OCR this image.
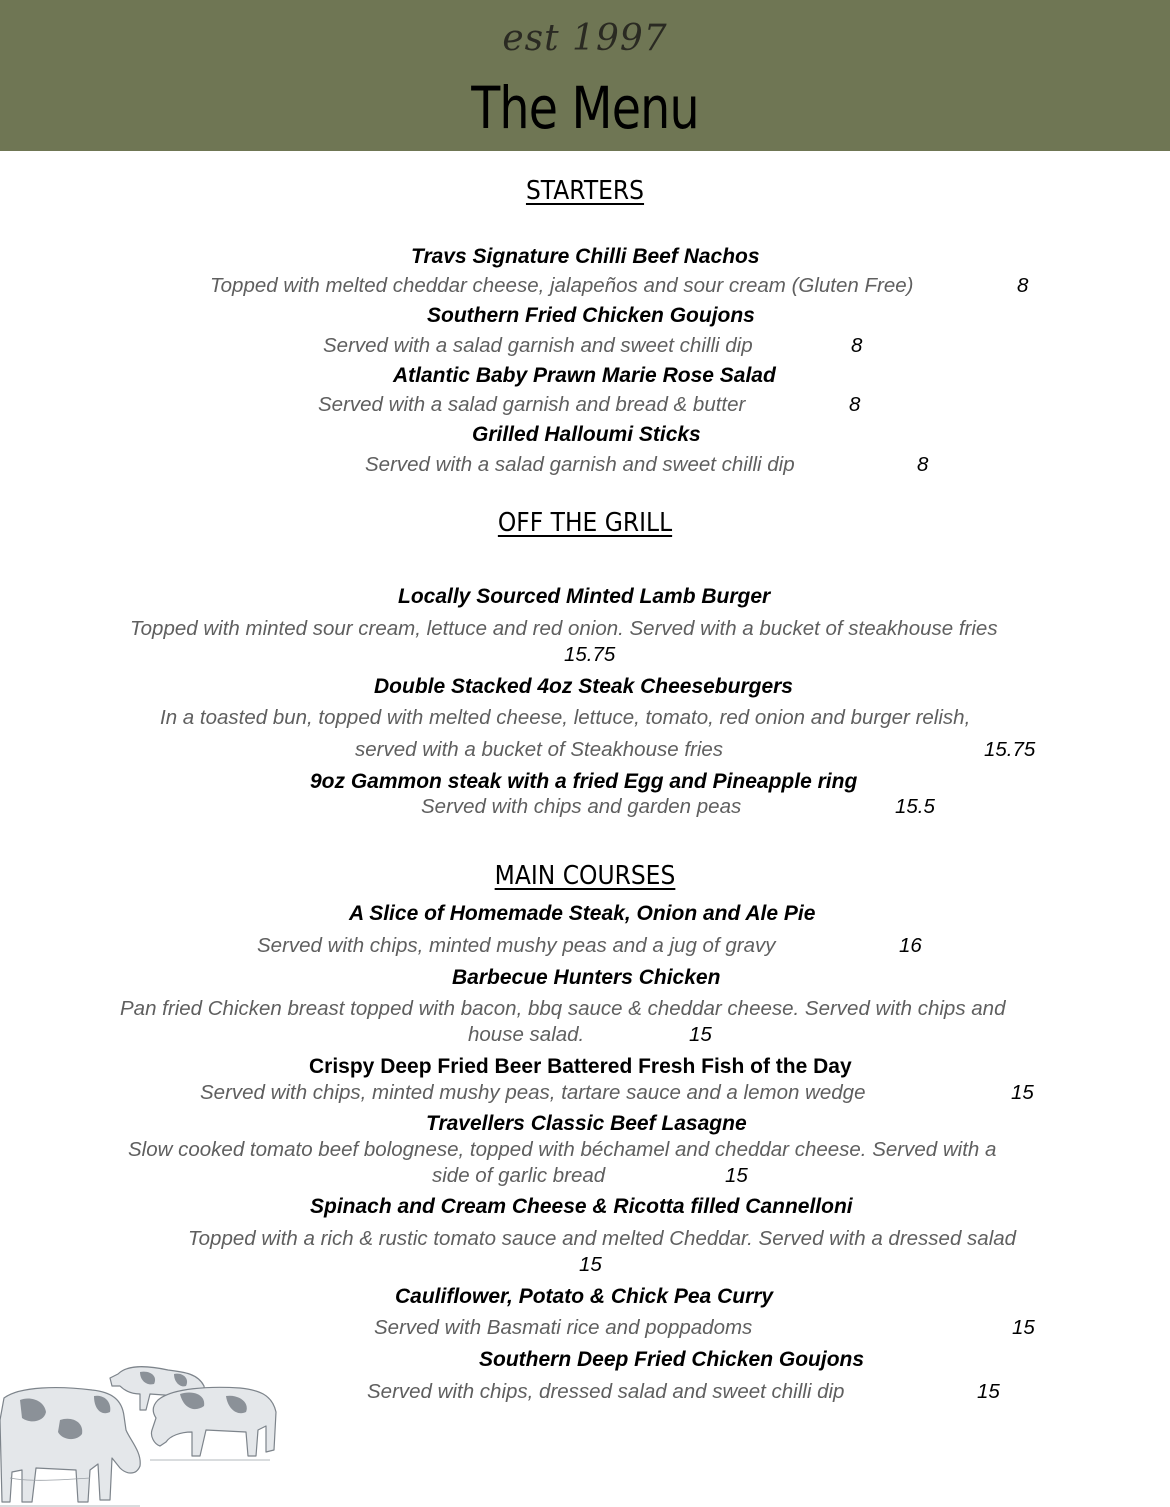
est 1997
The Menu
STARTERS
Travs Signature Chilli Beef Nachos
Topped with melted cheddar cheese, jalapeños and sour cream (Gluten Free)	8
Southern Fried Chicken Goujons
Served with a salad garnish and sweet chilli dip	8
Atlantic Baby Prawn Marie Rose Salad
Served with a salad garnish and bread & butter	8
Grilled Halloumi Sticks
Served with a salad garnish and sweet chilli dip	8
OFF THE GRILL
Locally Sourced Minted Lamb Burger
Topped with minted sour cream, lettuce and red onion. Served with a bucket of steakhouse fries
15.75
Double Stacked 4oz Steak Cheeseburgers
In a toasted bun, topped with melted cheese, lettuce, tomato, red onion and burger relish,
served with a bucket of Steakhouse fries	15.75
9oz Gammon steak with a fried Egg and Pineapple ring
Served with chips and garden peas	15.5
MAIN COURSES
A Slice of Homemade Steak, Onion and Ale Pie
Served with chips, minted mushy peas and a jug of gravy	16
Barbecue Hunters Chicken
Pan fried Chicken breast topped with bacon, bbq sauce & cheddar cheese. Served with chips and
house salad.	15
Crispy Deep Fried Beer Battered Fresh Fish of the Day
Served with chips, minted mushy peas, tartare sauce and a lemon wedge	15
Travellers Classic Beef Lasagne
Slow cooked tomato beef bolognese, topped with béchamel and cheddar cheese. Served with a
side of garlic bread	15
Spinach and Cream Cheese & Ricotta filled Cannelloni
Topped with a rich & rustic tomato sauce and melted Cheddar. Served with a dressed salad
15
Cauliflower, Potato & Chick Pea Curry
Served with Basmati rice and poppadoms	15
Southern Deep Fried Chicken Goujons
Served with chips, dressed salad and sweet chilli dip	15
